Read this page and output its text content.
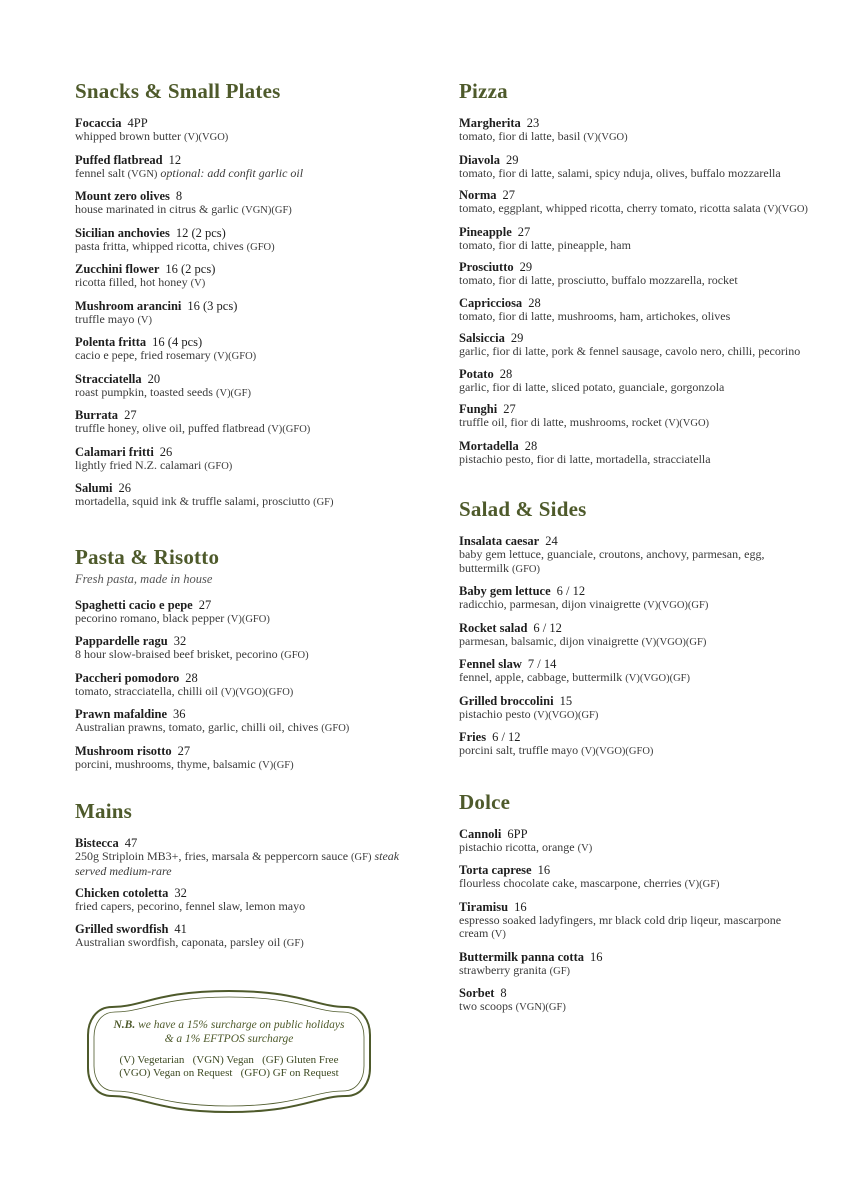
Snacks & Small Plates
Focaccia 4PP
whipped brown butter (V)(VGO)
Puffed flatbread 12
fennel salt (VGN) optional: add confit garlic oil
Mount zero olives 8
house marinated in citrus & garlic (VGN)(GF)
Sicilian anchovies 12 (2 pcs)
pasta fritta, whipped ricotta, chives (GFO)
Zucchini flower 16 (2 pcs)
ricotta filled, hot honey (V)
Mushroom arancini 16 (3 pcs)
truffle mayo (V)
Polenta fritta 16 (4 pcs)
cacio e pepe, fried rosemary (V)(GFO)
Stracciatella 20
roast pumpkin, toasted seeds (V)(GF)
Burrata 27
truffle honey, olive oil, puffed flatbread (V)(GFO)
Calamari fritti 26
lightly fried N.Z. calamari (GFO)
Salumi 26
mortadella, squid ink & truffle salami, prosciutto (GF)
Pasta & Risotto
Fresh pasta, made in house
Spaghetti cacio e pepe 27
pecorino romano, black pepper (V)(GFO)
Pappardelle ragu 32
8 hour slow-braised beef brisket, pecorino (GFO)
Paccheri pomodoro 28
tomato, stracciatella, chilli oil (V)(VGO)(GFO)
Prawn mafaldine 36
Australian prawns, tomato, garlic, chilli oil, chives (GFO)
Mushroom risotto 27
porcini, mushrooms, thyme, balsamic (V)(GF)
Mains
Bistecca 47
250g Striploin MB3+, fries, marsala & peppercorn sauce (GF) steak served medium-rare
Chicken cotoletta 32
fried capers, pecorino, fennel slaw, lemon mayo
Grilled swordfish 41
Australian swordfish, caponata, parsley oil (GF)
Pizza
Margherita 23
tomato, fior di latte, basil (V)(VGO)
Diavola 29
tomato, fior di latte, salami, spicy nduja, olives, buffalo mozzarella
Norma 27
tomato, eggplant, whipped ricotta, cherry tomato, ricotta salata (V)(VGO)
Pineapple 27
tomato, fior di latte, pineapple, ham
Prosciutto 29
tomato, fior di latte, prosciutto, buffalo mozzarella, rocket
Capricciosa 28
tomato, fior di latte, mushrooms, ham, artichokes, olives
Salsiccia 29
garlic, fior di latte, pork & fennel sausage, cavolo nero, chilli, pecorino
Potato 28
garlic, fior di latte, sliced potato, guanciale, gorgonzola
Funghi 27
truffle oil, fior di latte, mushrooms, rocket (V)(VGO)
Mortadella 28
pistachio pesto, fior di latte, mortadella, stracciatella
Salad & Sides
Insalata caesar 24
baby gem lettuce, guanciale, croutons, anchovy, parmesan, egg, buttermilk (GFO)
Baby gem lettuce 6 / 12
radicchio, parmesan, dijon vinaigrette (V)(VGO)(GF)
Rocket salad 6 / 12
parmesan, balsamic, dijon vinaigrette (V)(VGO)(GF)
Fennel slaw 7 / 14
fennel, apple, cabbage, buttermilk (V)(VGO)(GF)
Grilled broccolini 15
pistachio pesto (V)(VGO)(GF)
Fries 6 / 12
porcini salt, truffle mayo (V)(VGO)(GFO)
Dolce
Cannoli 6PP
pistachio ricotta, orange (V)
Torta caprese 16
flourless chocolate cake, mascarpone, cherries (V)(GF)
Tiramisu 16
espresso soaked ladyfingers, mr black cold drip liqeur, mascarpone cream (V)
Buttermilk panna cotta 16
strawberry granita (GF)
Sorbet 8
two scoops (VGN)(GF)
N.B. we have a 15% surcharge on public holidays
& a 1% EFTPOS surcharge
(V) Vegetarian   (VGN) Vegan   (GF) Gluten Free
(VGO) Vegan on Request   (GFO) GF on Request
